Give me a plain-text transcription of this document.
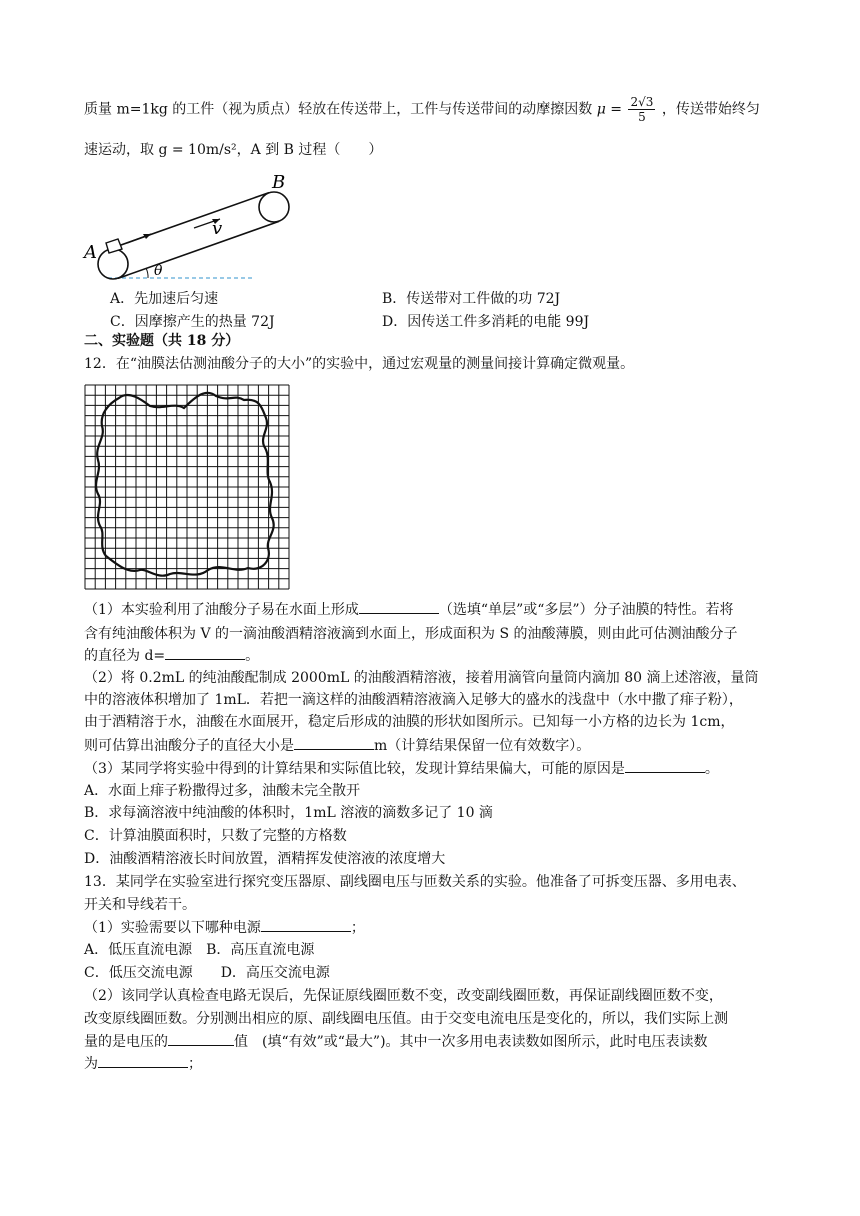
质量 m=1kg 的工件（视为质点）轻放在传送带上，工件与传送带间的动摩擦因数 $\mu = \frac{2√3}{5}$ ，传送带始终匀
速运动，取 g = 10m/s²，A 到 B 过程（　　）
A
B
v
θ
A．先加速后匀速	B．传送带对工件做的功 72J
C．因摩擦产生的热量 72J	D．因传送工件多消耗的电能 99J
二、实验题（共 18 分）
12．在“油膜法估测油酸分子的大小”的实验中，通过宏观量的测量间接计算确定微观量。
（1）本实验利用了油酸分子易在水面上形成	（选填“单层”或“多层”）分子油膜的特性。若将
含有纯油酸体积为 V 的一滴油酸酒精溶液滴到水面上，形成面积为 S 的油酸薄膜，则由此可估测油酸分子
的直径为 d=	。
（2）将 0.2mL 的纯油酸配制成 2000mL 的油酸酒精溶液，接着用滴管向量筒内滴加 80 滴上述溶液，量筒
中的溶液体积增加了 1mL．若把一滴这样的油酸酒精溶液滴入足够大的盛水的浅盘中（水中撒了痱子粉），
由于酒精溶于水，油酸在水面展开，稳定后形成的油膜的形状如图所示。已知每一小方格的边长为 1cm，
则可估算出油酸分子的直径大小是	m（计算结果保留一位有效数字）。
（3）某同学将实验中得到的计算结果和实际值比较，发现计算结果偏大，可能的原因是	。
A．水面上痱子粉撒得过多，油酸未完全散开
B．求每滴溶液中纯油酸的体积时，1mL 溶液的滴数多记了 10 滴
C．计算油膜面积时，只数了完整的方格数
D．油酸酒精溶液长时间放置，酒精挥发使溶液的浓度增大
13．某同学在实验室进行探究变压器原、副线圈电压与匝数关系的实验。他准备了可拆变压器、多用电表、
开关和导线若干。
（1）实验需要以下哪种电源	；
A．低压直流电源　B．高压直流电源
C．低压交流电源　　D．高压交流电源
（2）该同学认真检查电路无误后，先保证原线圈匝数不变，改变副线圈匝数，再保证副线圈匝数不变，
改变原线圈匝数。分别测出相应的原、副线圈电压值。由于交变电流电压是变化的，所以，我们实际上测
量的是电压的	值　(填“有效”或“最大”)。其中一次多用电表读数如图所示，此时电压表读数
为	；
